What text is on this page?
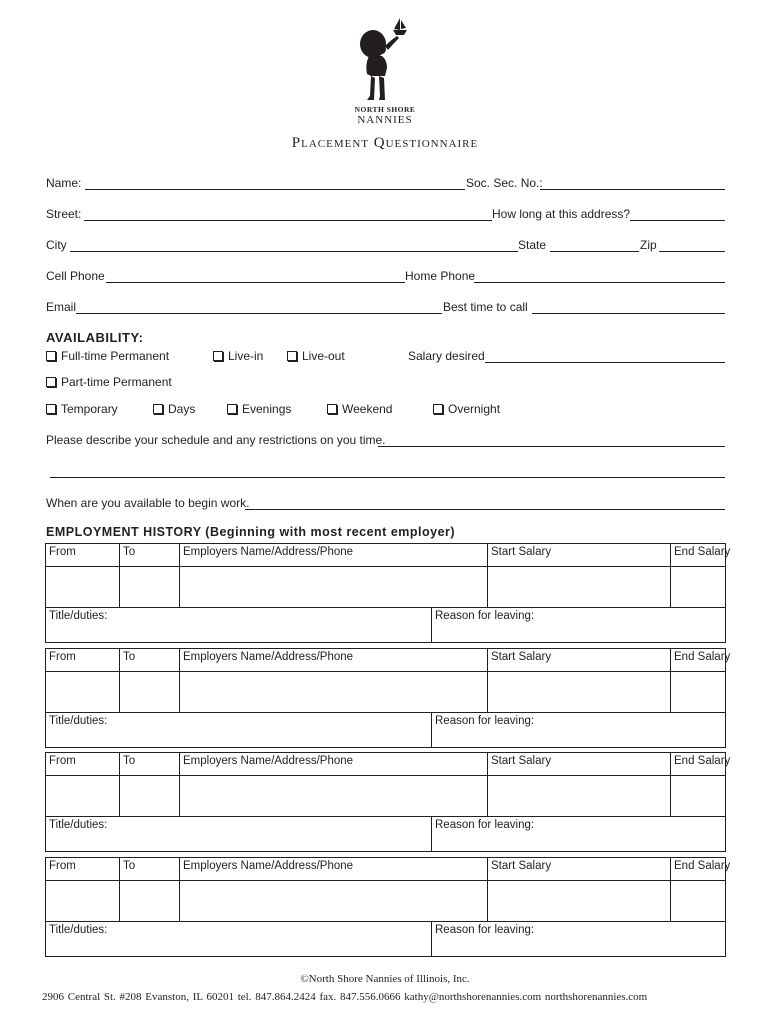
NORTH SHORE
NANNIES
Placement Questionnaire
Name:	Soc. Sec. No.:
Street:	How long at this address?
City	State	Zip
Cell Phone	Home Phone
Email	Best time to call
AVAILABILITY:
Full-time Permanent	Live-in	Live-out	Salary desired
Part-time Permanent
Temporary	Days	Evenings	Weekend	Overnight
Please describe your schedule and any restrictions on you time.
When are you available to begin work.
EMPLOYMENT HISTORY (Beginning with most recent employer)
From	To	Employers Name/Address/Phone		Start Salary	End Salary

Title/duties:			Reason for leaving:		
From	To	Employers Name/Address/Phone		Start Salary	End Salary

Title/duties:			Reason for leaving:		
From	To	Employers Name/Address/Phone		Start Salary	End Salary

Title/duties:			Reason for leaving:		
From	To	Employers Name/Address/Phone		Start Salary	End Salary

Title/duties:			Reason for leaving:		
©North Shore Nannies of Illinois, Inc.
2906 Central St. #208 Evanston, IL 60201 tel. 847.864.2424 fax. 847.556.0666 kathy@northshorenannies.com northshorenannies.com
